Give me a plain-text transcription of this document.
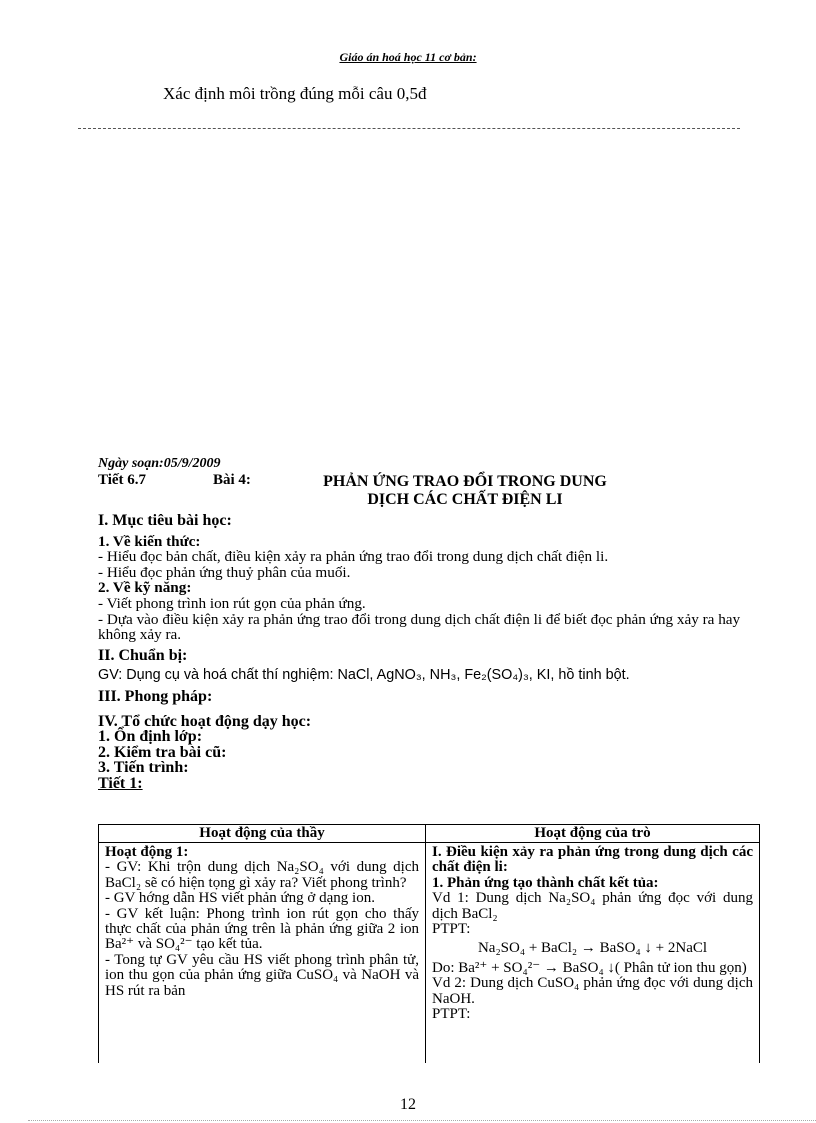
Giáo án hoá học 11 cơ bản:
Xác định môi trồng đúng mỗi câu 0,5đ
Ngày soạn:05/9/2009
Tiết 6.7	Bài 4:	PHẢN ỨNG TRAO ĐỔI TRONG DUNG
DỊCH CÁC CHẤT ĐIỆN LI

I. Mục tiêu bài học:

1. Về kiến thức:

- Hiểu đọc bản chất, điều kiện xảy ra phản ứng trao đổi trong dung dịch chất điện li.

- Hiểu đọc phản ứng thuỷ phân của muối.

2. Về kỹ năng:

- Viết phong trình ion rút gọn của phản ứng.

- Dựa vào điều kiện xảy ra phản ứng trao đổi trong dung dịch chất điện li để biết đọc phản ứng xảy ra hay không xảy ra.

II. Chuẩn bị:

GV: Dụng cụ và hoá chất thí nghiệm: NaCl, AgNO₃, NH₃, Fe₂(SO₄)₃, KI, hồ tinh bột.

III. Phong pháp:

IV. Tổ chức hoạt động dạy học:

1. Ổn định lớp:

2. Kiểm tra bài cũ:

3. Tiến trình:

Tiết 1:

Hoạt động của thầy

Hoạt động 1:

- GV: Khi trộn dung dịch Na₂SO₄ với dung dịch BaCl₂ sẽ có hiện tọng gì xảy ra? Viết phong trình?

- GV hớng dẫn HS viết phản ứng ở dạng ion.

- GV kết luận: Phong trình ion rút gọn cho thấy thực chất của phản ứng trên là phản ứng giữa 2 ion Ba²⁺ và SO₄²⁻ tạo kết tủa.

- Tong tự GV yêu cầu HS viết phong trình phân tử, ion thu gọn của phản ứng giữa CuSO₄ và NaOH và HS rút ra bản

Hoạt động của trò

I. Điều kiện xảy ra phản ứng trong dung dịch các chất điện li:

1. Phản ứng tạo thành chất kết tủa:

Vd 1: Dung dịch Na₂SO₄ phản ứng đọc với dung dịch BaCl₂

PTPT:

Na₂SO₄ + BaCl₂ → BaSO₄ ↓ + 2NaCl

Do: Ba²⁺ + SO₄²⁻ → BaSO₄ ↓( Phân tử ion thu gọn)

Vd 2: Dung dịch CuSO₄ phản ứng đọc với dung dịch NaOH.

PTPT:

12
